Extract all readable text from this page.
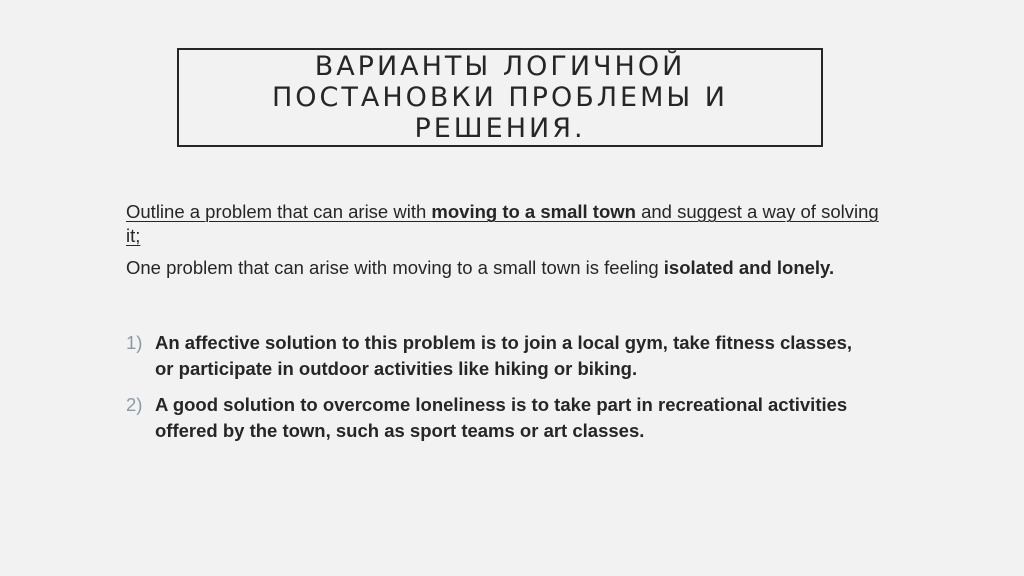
ВАРИАНТЫ ЛОГИЧНОЙ ПОСТАНОВКИ ПРОБЛЕМЫ И РЕШЕНИЯ.

Outline a problem that can arise with moving to a small town and suggest a way of solving it;

One problem that can arise with moving to a small town is feeling isolated and lonely.

1) An affective solution to this problem is to join a local gym, take fitness classes, or participate in outdoor activities like hiking or biking.
2) A good solution to overcome loneliness is to take part in recreational activities offered by the town, such as sport teams or art classes.
